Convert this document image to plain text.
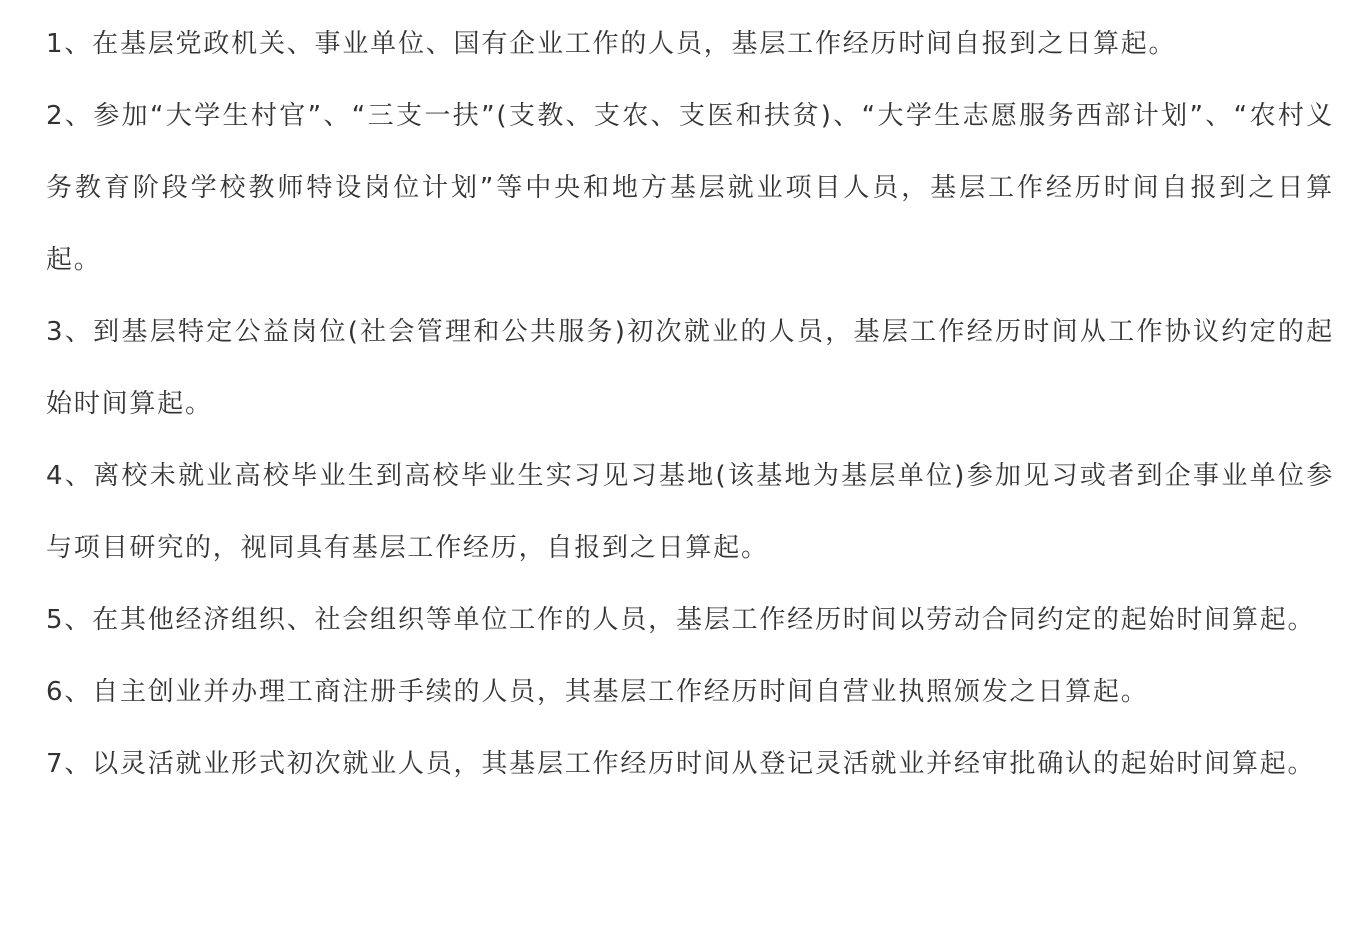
1、在基层党政机关、事业单位、国有企业工作的人员，基层工作经历时间自报到之日算起。

2、参加“大学生村官”、“三支一扶”(支教、支农、支医和扶贫)、“大学生志愿服务西部计划”、“农村义务教育阶段学校教师特设岗位计划”等中央和地方基层就业项目人员，基层工作经历时间自报到之日算起。

3、到基层特定公益岗位(社会管理和公共服务)初次就业的人员，基层工作经历时间从工作协议约定的起始时间算起。

4、离校未就业高校毕业生到高校毕业生实习见习基地(该基地为基层单位)参加见习或者到企事业单位参与项目研究的，视同具有基层工作经历，自报到之日算起。

5、在其他经济组织、社会组织等单位工作的人员，基层工作经历时间以劳动合同约定的起始时间算起。

6、自主创业并办理工商注册手续的人员，其基层工作经历时间自营业执照颁发之日算起。

7、以灵活就业形式初次就业人员，其基层工作经历时间从登记灵活就业并经审批确认的起始时间算起。
